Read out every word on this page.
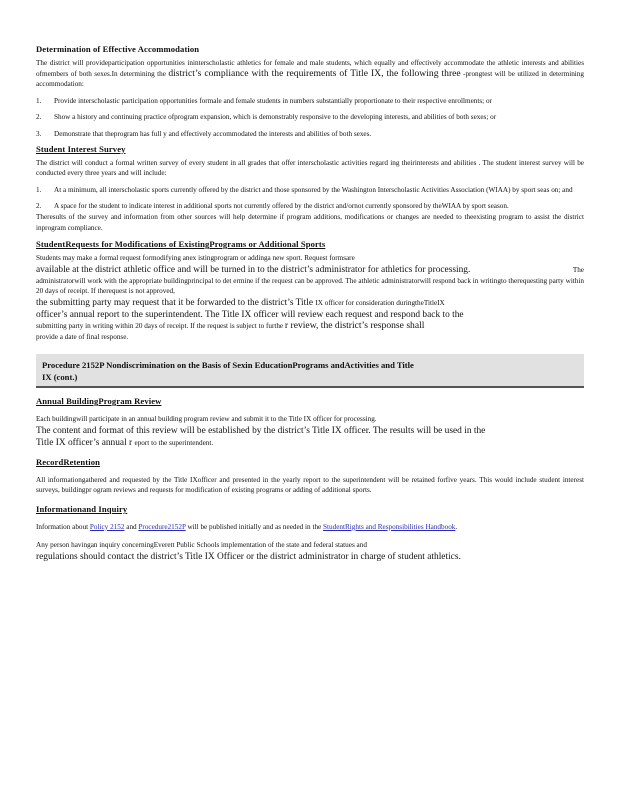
Determination of Effective Accommodation

The district will provideparticipation opportunities ininterscholastic athletics for female and male students, which equally and effectively accommodate the athletic interests and abilities ofmembers of both sexes.In determining the district’s compliance with the requirements of Title IX, the following three -prongtest will be utilized in determining accommodation:

1.	Provide interscholastic participation opportunities formale and female students in numbers substantially proportionate to their respective enrollments; or
2.	Show a history and continuing practice ofprogram expansion, which is demonstrably responsive to the developing interests, and abilities of both sexes; or
3.	Demonstrate that theprogram has full y and effectively accommodated the interests and abilities of both sexes.
Student Interest Survey

The district will conduct a formal written survey of every student in all grades that offer interscholastic activities regard ing theirinterests and abilities . The student interest survey will be conducted every three years and will include:

1.	At a minimum, all interscholastic sports currently offered by the district and those sponsored by the Washington Interscholastic Activities Association (WIAA) by sport seas on; and
2.	A space for the student to indicate interest in additional sports not currently offered by the district and/ornot currently sponsored by theWIAA by sport season.

Theresults of the survey and information from other sources will help determine if program additions, modifications or changes are needed to theexisting program to assist the district inprogram compliance.

StudentRequests for Modifications of ExistingPrograms or Additional Sports

Students may make a formal request formodifying anex istingprogram or addinga new sport. Request formsare

available at the district athletic office and will be turned in to the district’s administrator for athletics for processing.	The

administratorwill work with the appropriate buildingprincipal to det ermine if the request can be approved. The athletic administratorwill respond back in writingto therequesting party within 20 days of receipt. If therequest is not approved,

the submitting party may request that it be forwarded to the district’s Title IX officer for consideration duringtheTitleIX

officer’s annual report to the superintendent. The Title IX officer will review each request and respond back to the

submitting party in writing within 20 days of receipt. If the request is subject to furthe r review, the district’s response shall

provide a date of final response.

Procedure 2152P Nondiscrimination on the Basis of Sexin EducationPrograms andActivities and Title
IX (cont.)
Annual BuildingProgram Review

Each buildingwill participate in an annual building program review and submit it to the Title IX officer for processing.

The content and format of this review will be established by the district’s Title IX officer. The results will be used in the

Title IX officer’s annual r eport to the superintendent.

RecordRetention

All informationgathered and requested by the Title IXofficer and presented in the yearly report to the superintendent will be retained forfive years. This would include student interest surveys, buildingpr ogram reviews and requests for modification of existing programs or adding of additional sports.

Informationand Inquiry

Information about Policy 2152 and Procedure2152P will be published initially and as needed in the StudentRights and Responsibilities Handbook.

Any person havingan inquiry concerningEverett Public Schools implementation of the state and federal statues and

regulations should contact the district’s Title IX Officer or the district administrator in charge of student athletics.
